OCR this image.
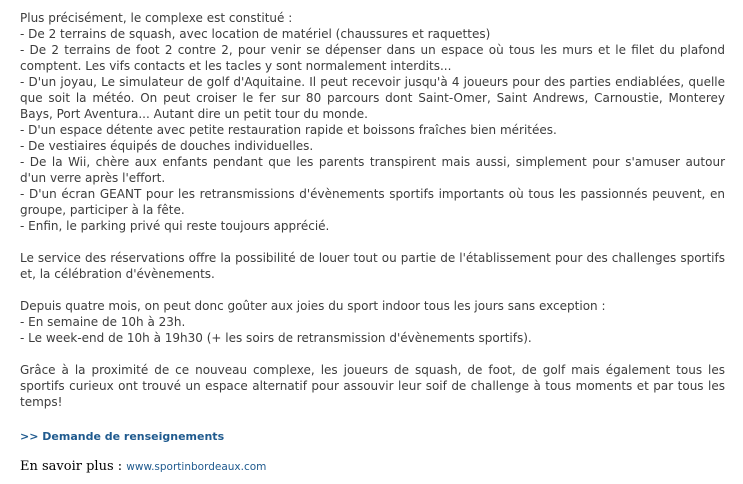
Plus précisément, le complexe est constitué :

- De 2 terrains de squash, avec location de matériel (chaussures et raquettes)

- De 2 terrains de foot 2 contre 2, pour venir se dépenser dans un espace où tous les murs et le filet du plafond comptent. Les vifs contacts et les tacles y sont normalement interdits...

- D'un joyau, Le simulateur de golf d'Aquitaine. Il peut recevoir jusqu'à 4 joueurs pour des parties endiablées, quelle que soit la météo. On peut croiser le fer sur 80 parcours dont Saint-Omer, Saint Andrews, Carnoustie, Monterey Bays, Port Aventura... Autant dire un petit tour du monde.

- D'un espace détente avec petite restauration rapide et boissons fraîches bien méritées.

- De vestiaires équipés de douches individuelles.

- De la Wii, chère aux enfants pendant que les parents transpirent mais aussi, simplement pour s'amuser autour d'un verre après l'effort.

- D'un écran GEANT pour les retransmissions d'évènements sportifs importants où tous les passionnés peuvent, en groupe, participer à la fête.

- Enfin, le parking privé qui reste toujours apprécié.

Le service des réservations offre la possibilité de louer tout ou partie de l'établissement pour des challenges sportifs et, la célébration d'évènements.

Depuis quatre mois, on peut donc goûter aux joies du sport indoor tous les jours sans exception :

- En semaine de 10h à 23h.

- Le week-end de 10h à 19h30 (+ les soirs de retransmission d'évènements sportifs).

Grâce à la proximité de ce nouveau complexe, les joueurs de squash, de foot, de golf mais également tous les sportifs curieux ont trouvé un espace alternatif pour assouvir leur soif de challenge à tous moments et par tous les temps!

>> Demande de renseignements
En savoir plus : www.sportinbordeaux.com
